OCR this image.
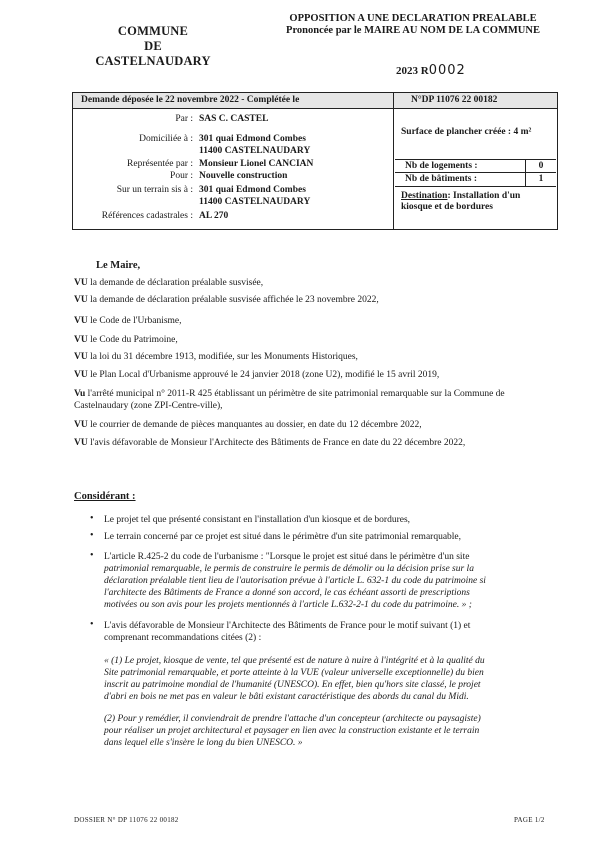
COMMUNE
DE
CASTELNAUDARY
OPPOSITION A UNE DECLARATION PREALABLE
Prononcée par le MAIRE AU NOM DE LA COMMUNE
2023 R0002
Demande déposée le 22 novembre 2022 - Complétée le	N°DP 11076 22 00182
Par : SAS C. CASTEL
Domiciliée à : 301 quai Edmond Combes
11400 CASTELNAUDARY
Représentée par : Monsieur Lionel CANCIAN
Pour : Nouvelle construction
Sur un terrain sis à : 301 quai Edmond Combes
11400 CASTELNAUDARY
Références cadastrales : AL 270
Surface de plancher créée : 4 m²
Nb de logements :	0
Nb de bâtiments :	1
Destination: Installation d'un kiosque et de bordures
Le Maire,
VU la demande de déclaration préalable susvisée,
VU la demande de déclaration préalable susvisée affichée le 23 novembre 2022,
VU le Code de l'Urbanisme,
VU le Code du Patrimoine,
VU la loi du 31 décembre 1913, modifiée, sur les Monuments Historiques,
VU le Plan Local d'Urbanisme approuvé le 24 janvier 2018 (zone U2), modifié le 15 avril 2019,
Vu l'arrêté municipal n° 2011-R 425 établissant un périmètre de site patrimonial remarquable sur la Commune de
Castelnaudary (zone ZPI-Centre-ville),
VU le courrier de demande de pièces manquantes au dossier, en date du 12 décembre 2022,
VU l'avis défavorable de Monsieur l'Architecte des Bâtiments de France en date du 22 décembre 2022,
Considérant :
• Le projet tel que présenté consistant en l'installation d'un kiosque et de bordures,
• Le terrain concerné par ce projet est situé dans le périmètre d'un site patrimonial remarquable,
• L'article R.425-2 du code de l'urbanisme : "Lorsque le projet est situé dans le périmètre d'un site
patrimonial remarquable, le permis de construire le permis de démolir ou la décision prise sur la
déclaration préalable tient lieu de l'autorisation prévue à l'article L. 632-1 du code du patrimoine si
l'architecte des Bâtiments de France a donné son accord, le cas échéant assorti de prescriptions
motivées ou son avis pour les projets mentionnés à l'article L.632-2-1 du code du patrimoine. » ;
• L'avis défavorable de Monsieur l'Architecte des Bâtiments de France pour le motif suivant (1) et
comprenant recommandations citées (2) :
« (1) Le projet, kiosque de vente, tel que présenté est de nature à nuire à l'intégrité et à la qualité du
Site patrimonial remarquable, et porte atteinte à la VUE (valeur universelle exceptionnelle) du bien
inscrit au patrimoine mondial de l'humanité (UNESCO). En effet, bien qu'hors site classé, le projet
d'abri en bois ne met pas en valeur le bâti existant caractéristique des abords du canal du Midi.
(2) Pour y remédier, il conviendrait de prendre l'attache d'un concepteur (architecte ou paysagiste)
pour réaliser un projet architectural et paysager en lien avec la construction existante et le terrain
dans lequel elle s'insère le long du bien UNESCO. »
DOSSIER N° DP 11076 22 00182	PAGE 1/2
